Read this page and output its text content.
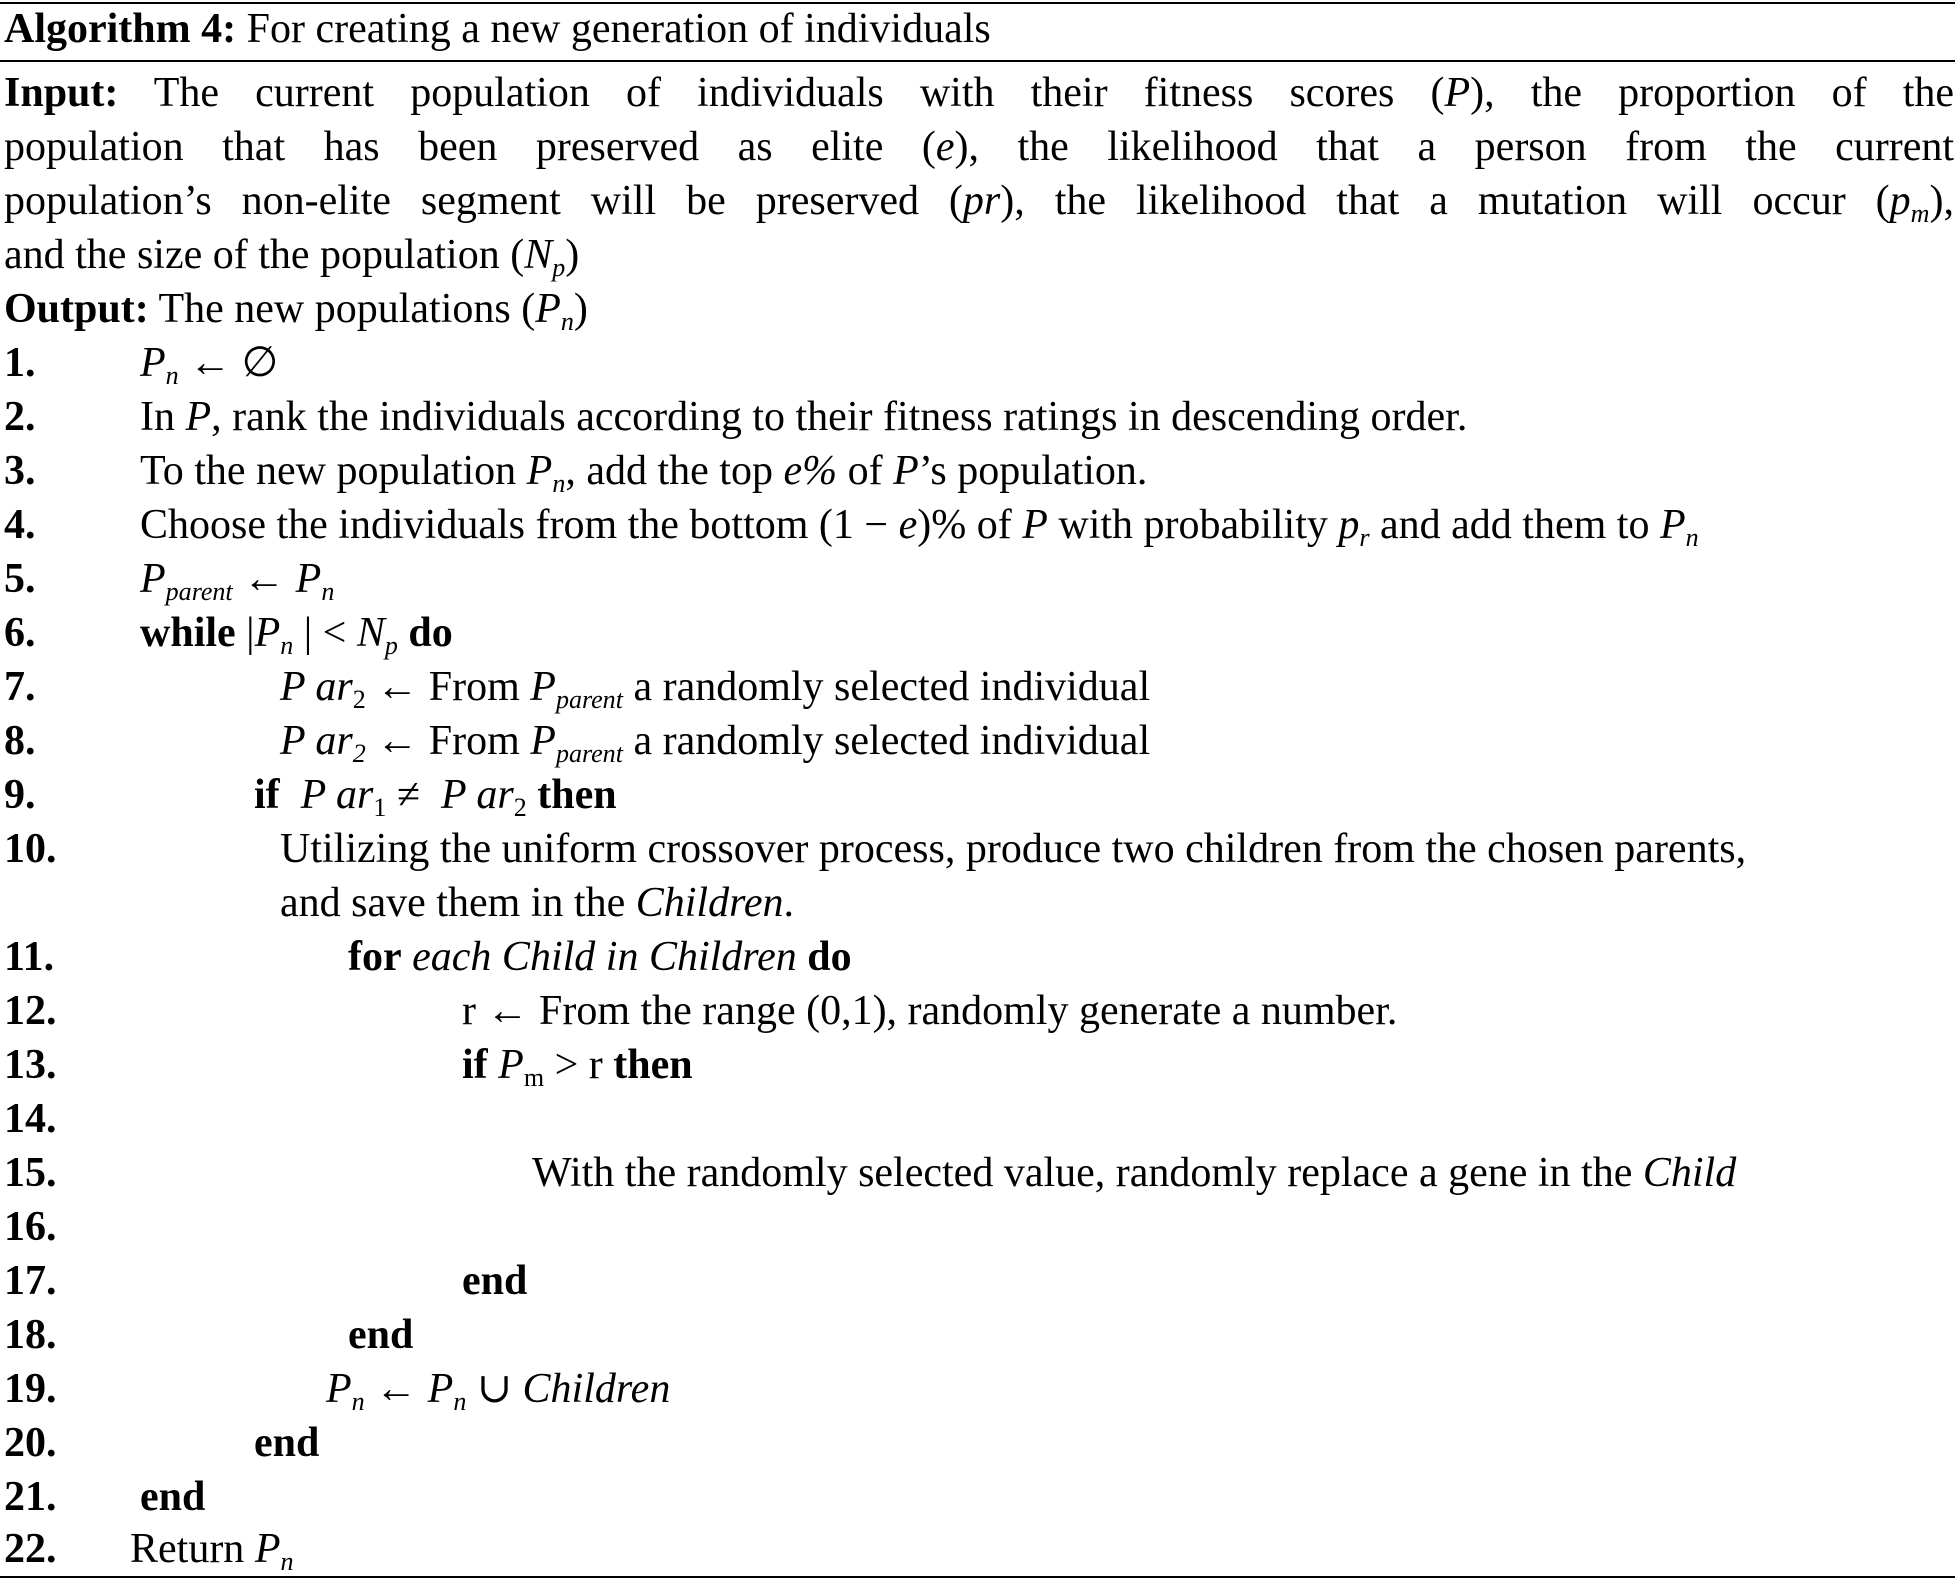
Algorithm 4: For creating a new generation of individuals
Input: The current population of individuals with their fitness scores (P), the proportion of the
population that has been preserved as elite (e), the likelihood that a person from the current
population’s non-elite segment will be preserved (pr), the likelihood that a mutation will occur $(p_m)$,
and the size of the population $(N_p)$
Output: The new populations $(P_n)$
1. $P_n$ ← ∅
2. In P, rank the individuals according to their fitness ratings in descending order.
3. To the new population $P_n$, add the top e% of P’s population.
4. Choose the individuals from the bottom (1 − e)% of P with probability $p_r$ and add them to $P_n$
5. $P_{parent}$ ← $P_n$
6. while $|P_n$ | < $N_p$ do
7.	P $ar_2$ ← From $P_{parent}$ a randomly selected individual
8.	P $ar_2$ ← From $P_{parent}$ a randomly selected individual
9.	if P $ar_1 \ne P$ $ar_2$ then
10.	Utilizing the uniform crossover process, produce two children from the chosen parents,
and save them in the Children.
11.	for each Child in Children do
12.	r ← From the range (0,1), randomly generate a number.
13.	if $P_m > r$ then
14.
15.	With the randomly selected value, randomly replace a gene in the Child
16.
17.	end
18.	end
19.	$P_n$ ← $P_n$ ∪ Children
20.	end
21. end
22. Return $P_n$
